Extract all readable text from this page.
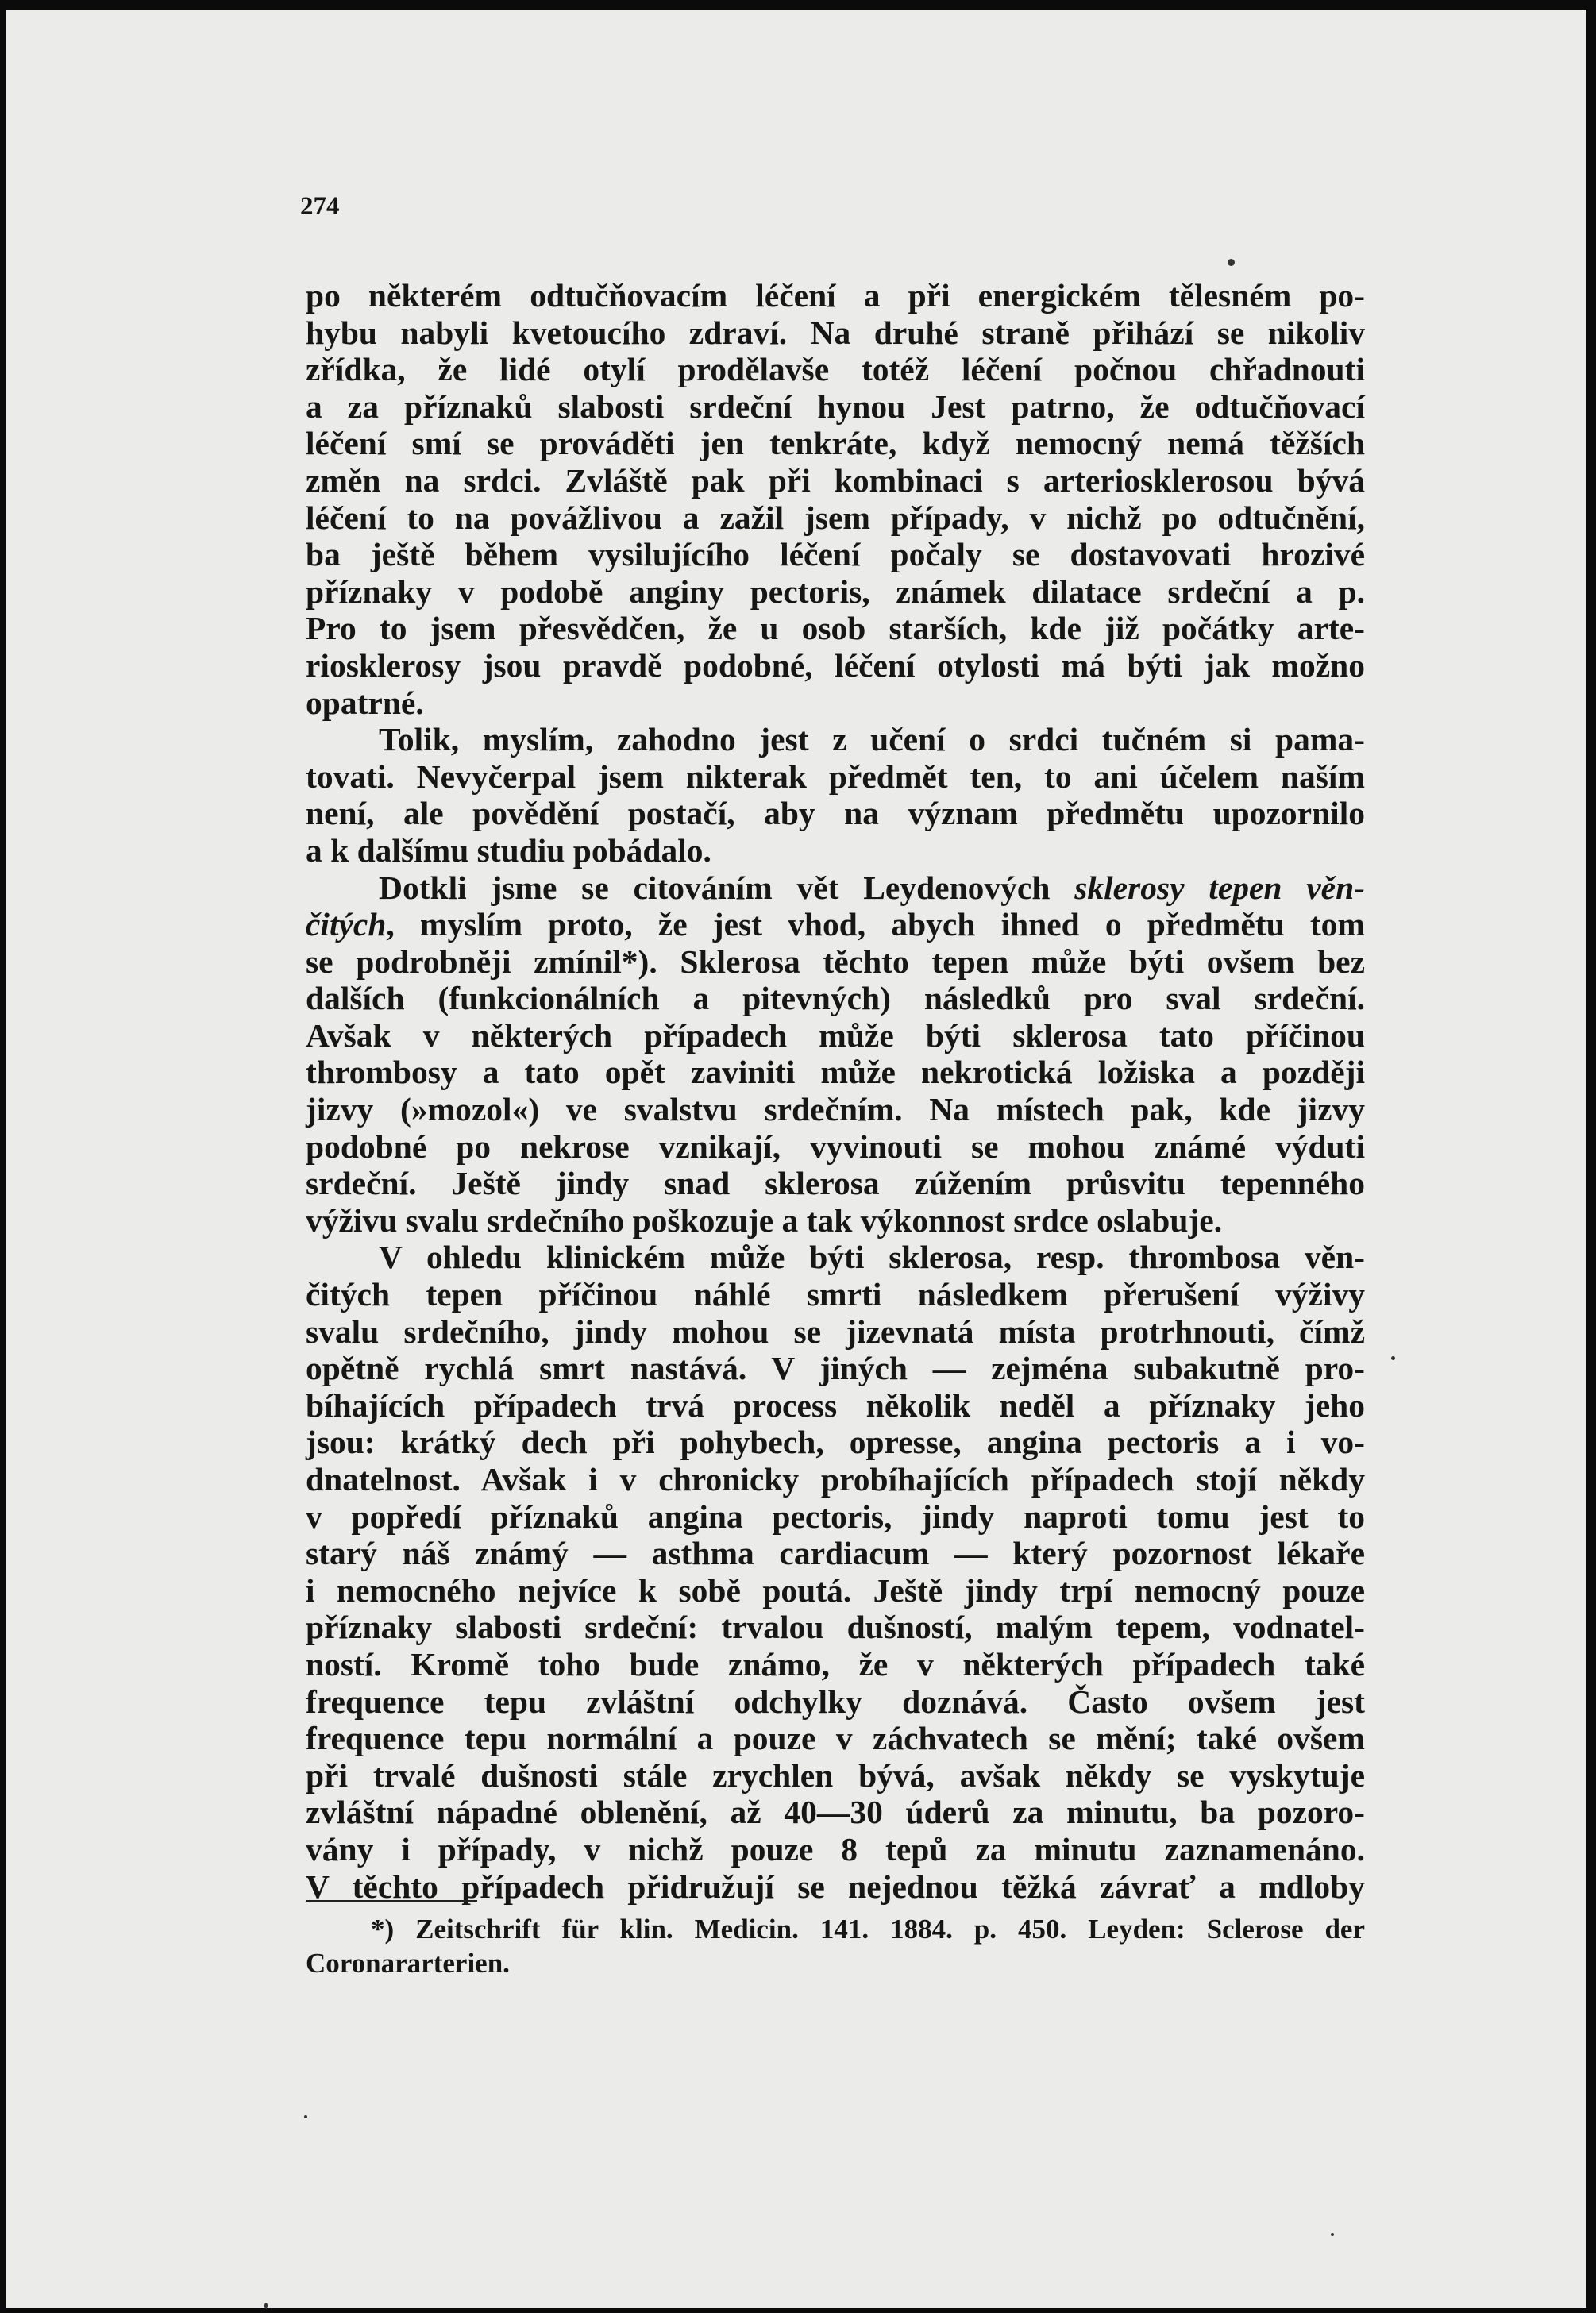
274
po některém odtučňovacím léčení a při energickém tělesném po-
hybu nabyli kvetoucího zdraví. Na druhé straně přihází se nikoliv
zřídka, že lidé otylí prodělavše totéž léčení počnou chřadnouti
a za příznaků slabosti srdeční hynou Jest patrno, že odtučňovací
léčení smí se prováděti jen tenkráte, když nemocný nemá těžších
změn na srdci. Zvláště pak při kombinaci s arteriosklerosou bývá
léčení to na povážlivou a zažil jsem případy, v nichž po odtučnění,
ba ještě během vysilujícího léčení počaly se dostavovati hrozivé
příznaky v podobě anginy pectoris, známek dilatace srdeční a p.
Pro to jsem přesvědčen, že u osob starších, kde již počátky arte-
riosklerosy jsou pravdě podobné, léčení otylosti má býti jak možno
opatrné.
Tolik, myslím, zahodno jest z učení o srdci tučném si pama-
tovati. Nevyčerpal jsem nikterak předmět ten, to ani účelem naším
není, ale povědění postačí, aby na význam předmětu upozornilo
a k dalšímu studiu pobádalo.
Dotkli jsme se citováním vět Leydenových sklerosy tepen věn-
čitých, myslím proto, že jest vhod, abych ihned o předmětu tom
se podrobněji zmínil*). Sklerosa těchto tepen může býti ovšem bez
dalších (funkcionálních a pitevných) následků pro sval srdeční.
Avšak v některých případech může býti sklerosa tato příčinou
thrombosy a tato opět zaviniti může nekrotická ložiska a později
jizvy (»mozol«) ve svalstvu srdečním. Na místech pak, kde jizvy
podobné po nekrose vznikají, vyvinouti se mohou známé výduti
srdeční. Ještě jindy snad sklerosa zúžením průsvitu tepenného
výživu svalu srdečního poškozuje a tak výkonnost srdce oslabuje.
V ohledu klinickém může býti sklerosa, resp. thrombosa věn-
čitých tepen příčinou náhlé smrti následkem přerušení výživy
svalu srdečního, jindy mohou se jizevnatá místa protrhnouti, čímž
opětně rychlá smrt nastává. V jiných — zejména subakutně pro-
bíhajících případech trvá process několik neděl a příznaky jeho
jsou: krátký dech při pohybech, opresse, angina pectoris a i vo-
dnatelnost. Avšak i v chronicky probíhajících případech stojí někdy
v popředí příznaků angina pectoris, jindy naproti tomu jest to
starý náš známý — asthma cardiacum — který pozornost lékaře
i nemocného nejvíce k sobě poutá. Ještě jindy trpí nemocný pouze
příznaky slabosti srdeční: trvalou dušností, malým tepem, vodnatel-
ností. Kromě toho bude známo, že v některých případech také
frequence tepu zvláštní odchylky doznává. Často ovšem jest
frequence tepu normální a pouze v záchvatech se mění; také ovšem
při trvalé dušnosti stále zrychlen bývá, avšak někdy se vyskytuje
zvláštní nápadné oblenění, až 40—30 úderů za minutu, ba pozoro-
vány i případy, v nichž pouze 8 tepů za minutu zaznamenáno.
V těchto případech přidružují se nejednou těžká závrať a mdloby
*) Zeitschrift für klin. Medicin. 141. 1884. p. 450. Leyden: Sclerose der
Coronararterien.
